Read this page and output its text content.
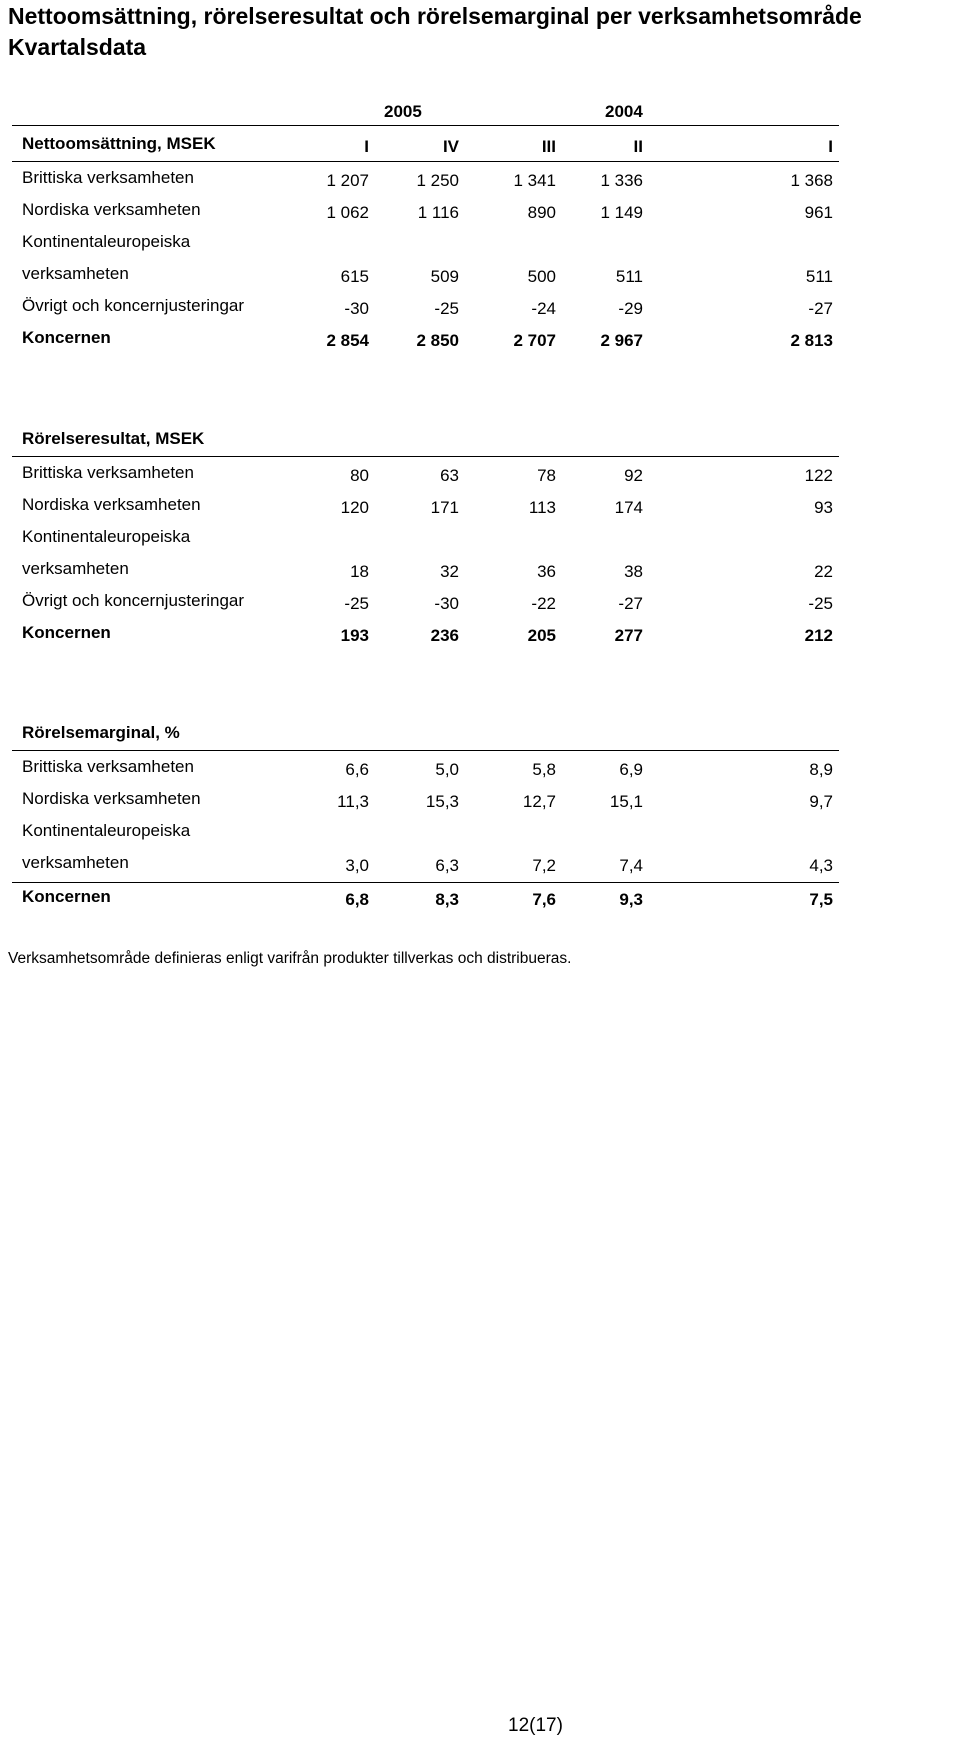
Nettoomsättning, rörelseresultat och rörelsemarginal per verksamhetsområde
Kvartalsdata
2005	2004
Nettoomsättning, MSEK	I	IV	III	II	I
Brittiska verksamheten	1 207	1 250	1 341	1 336	1 368
Nordiska verksamheten	1 062	1 116	890	1 149	961
Kontinentaleuropeiska
verksamheten	615	509	500	511	511
Övrigt och koncernjusteringar	-30	-25	-24	-29	-27
Koncernen	2 854	2 850	2 707	2 967	2 813
Rörelseresultat, MSEK
Brittiska verksamheten	80	63	78	92	122
Nordiska verksamheten	120	171	113	174	93
Kontinentaleuropeiska
verksamheten	18	32	36	38	22
Övrigt och koncernjusteringar	-25	-30	-22	-27	-25
Koncernen	193	236	205	277	212
Rörelsemarginal, %
Brittiska verksamheten	6,6	5,0	5,8	6,9	8,9
Nordiska verksamheten	11,3	15,3	12,7	15,1	9,7
Kontinentaleuropeiska
verksamheten	3,0	6,3	7,2	7,4	4,3
Koncernen	6,8	8,3	7,6	9,3	7,5
Verksamhetsområde definieras enligt varifrån produkter tillverkas och distribueras.
12(17)
